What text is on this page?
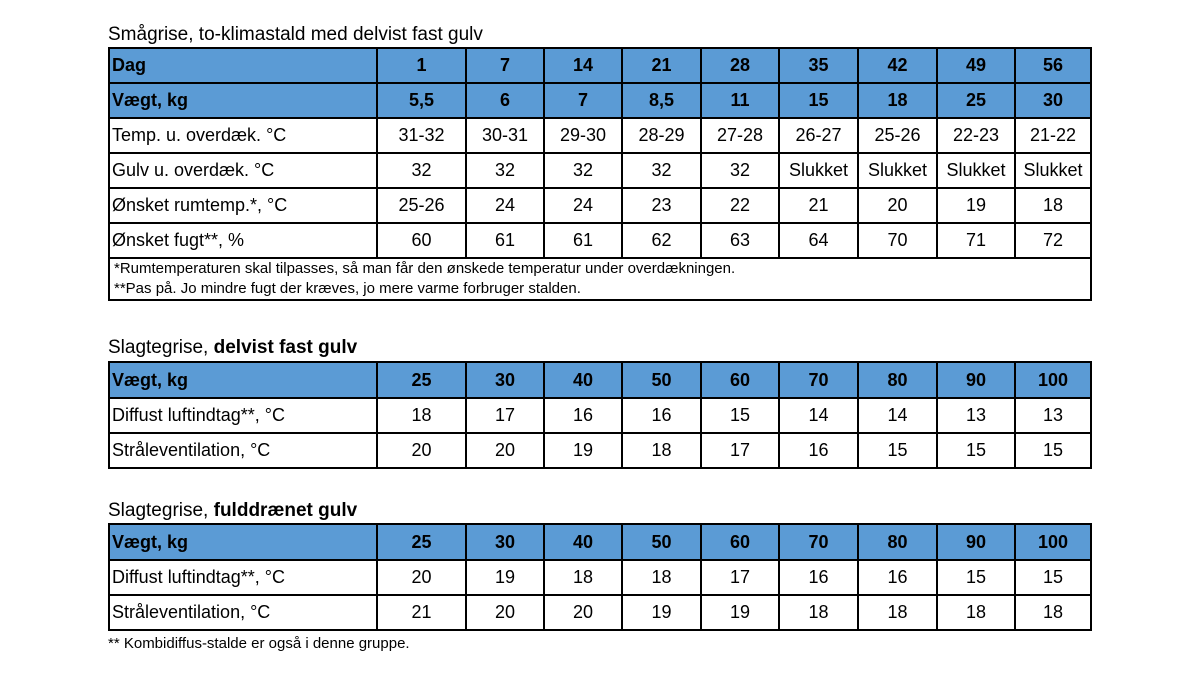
Smågrise, to-klimastald med delvist fast gulv
Dag	1	7	14	21	28	35	42	49	56
Vægt, kg	5,5	6	7	8,5	11	15	18	25	30
Temp. u. overdæk. °C	31-32	30-31	29-30	28-29	27-28	26-27	25-26	22-23	21-22
Gulv u. overdæk. °C	32	32	32	32	32	Slukket	Slukket	Slukket	Slukket
Ønsket rumtemp.*, °C	25-26	24	24	23	22	21	20	19	18
Ønsket fugt**, %	60	61	61	62	63	64	70	71	72

*Rumtemperaturen skal tilpasses, så man får den ønskede temperatur under overdækningen.
**Pas på. Jo mindre fugt der kræves, jo mere varme forbruger stalden.									
Slagtegrise, delvist fast gulv
Vægt, kg	25	30	40	50	60	70	80	90	100
Diffust luftindtag**, °C	18	17	16	16	15	14	14	13	13
Stråleventilation, °C	20	20	19	18	17	16	15	15	15
Slagtegrise, fulddrænet gulv
Vægt, kg	25	30	40	50	60	70	80	90	100
Diffust luftindtag**, °C	20	19	18	18	17	16	16	15	15
Stråleventilation, °C	21	20	20	19	19	18	18	18	18
** Kombidiffus-stalde er også i denne gruppe.
